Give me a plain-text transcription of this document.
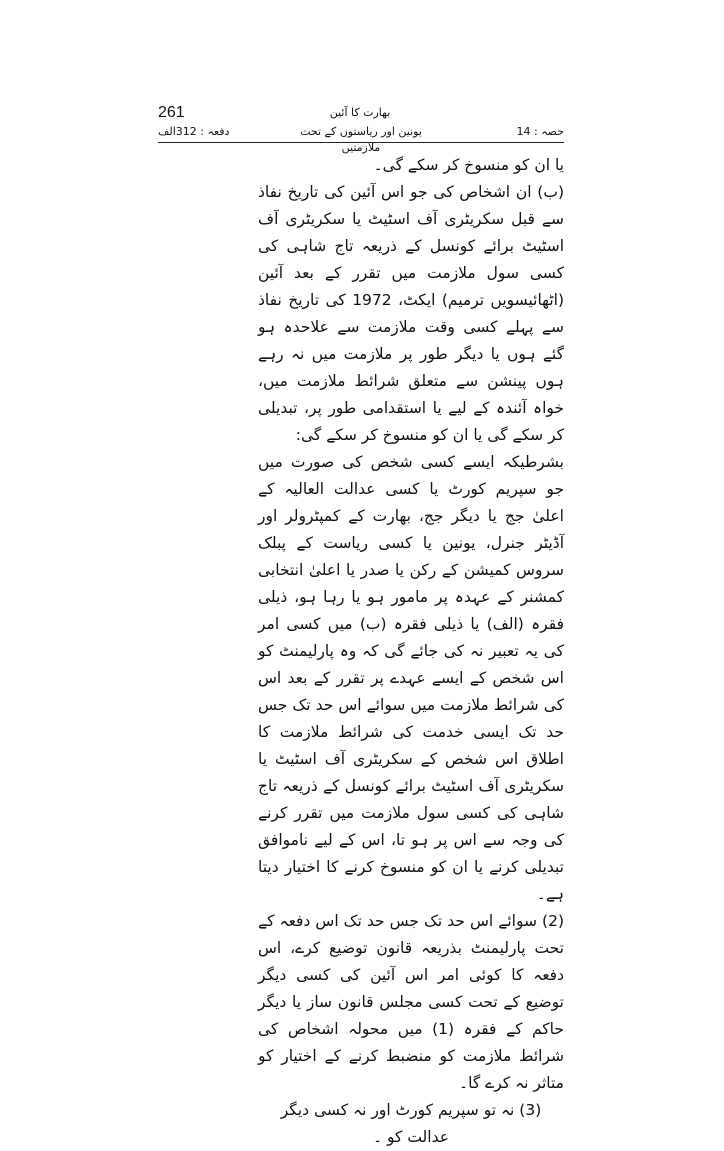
261	بھارت کا آئین
دفعہ : 312الف	یونین اور ریاستوں کے تحت ملازمتیں
حصہ : 14

یا ان کو منسوخ کر سکے گی۔

(ب) ان اشخاص کی جو اس آئین کی تاریخ نفاذ سے قبل سکریٹری آف اسٹیٹ یا سکریٹری آف اسٹیٹ برائے کونسل کے ذریعہ تاج شاہی کی کسی سول ملازمت میں تقرر کے بعد آئین (اٹھائیسویں ترمیم) ایکٹ، 1972 کی تاریخ نفاذ سے پہلے کسی وقت ملازمت سے علاحدہ ہو گئے ہوں یا دیگر طور پر ملازمت میں نہ رہے ہوں پینشن سے متعلق شرائط ملازمت میں، خواہ آئندہ کے لیے یا استقدامی طور پر، تبدیلی کر سکے گی یا ان کو منسوخ کر سکے گی:

بشرطیکہ ایسے کسی شخص کی صورت میں جو سپریم کورٹ یا کسی عدالت العالیہ کے اعلیٰ جج یا دیگر جج، بھارت کے کمپٹرولر اور آڈیٹر جنرل، یونین یا کسی ریاست کے پبلک سروس کمیشن کے رکن یا صدر یا اعلیٰ انتخابی کمشنر کے عہدہ پر مامور ہو یا رہا ہو، ذیلی فقرہ (الف) یا ذیلی فقرہ (ب) میں کسی امر کی یہ تعبیر نہ کی جائے گی کہ وہ پارلیمنٹ کو اس شخص کے ایسے عہدے پر تقرر کے بعد اس کی شرائط ملازمت میں سوائے اس حد تک جس حد تک ایسی خدمت کی شرائط ملازمت کا اطلاق اس شخص کے سکریٹری آف اسٹیٹ یا سکریٹری آف اسٹیٹ برائے کونسل کے ذریعہ تاج شاہی کی کسی سول ملازمت میں تقرر کرنے کی وجہ سے اس پر ہو تا، اس کے لیے ناموافق تبدیلی کرنے یا ان کو منسوخ کرنے کا اختیار دیتا ہے۔

(2) سوائے اس حد تک جس حد تک اس دفعہ کے تحت پارلیمنٹ بذریعہ قانون توضیع کرے، اس دفعہ کا کوئی امر اس آئین کی کسی دیگر توضیع کے تحت کسی مجلس قانون ساز یا دیگر حاکم کے فقرہ (1) میں محولہ اشخاص کی شرائط ملازمت کو منضبط کرنے کے اختیار کو متاثر نہ کرے گا۔

(3) نہ تو سپریم کورٹ اور نہ کسی دیگر عدالت کو ۔
